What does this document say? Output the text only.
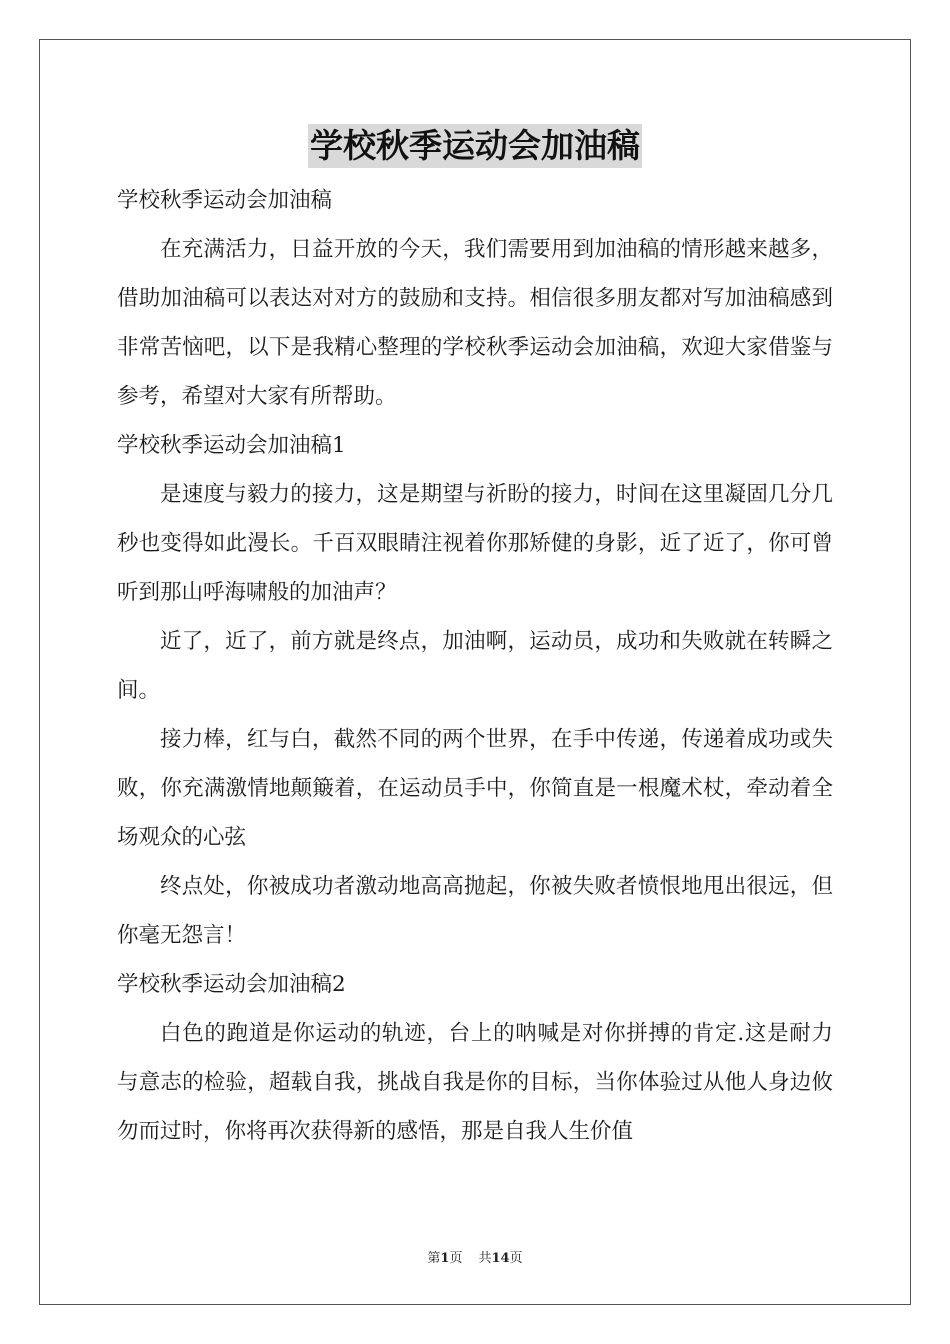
学校秋季运动会加油稿

学校秋季运动会加油稿

在充满活力，日益开放的今天，我们需要用到加油稿的情形越来越多，借助加油稿可以表达对对方的鼓励和支持。相信很多朋友都对写加油稿感到非常苦恼吧，以下是我精心整理的学校秋季运动会加油稿，欢迎大家借鉴与参考，希望对大家有所帮助。

学校秋季运动会加油稿1

是速度与毅力的接力，这是期望与祈盼的接力，时间在这里凝固几分几秒也变得如此漫长。千百双眼睛注视着你那矫健的身影，近了近了，你可曾听到那山呼海啸般的加油声？

近了，近了，前方就是终点，加油啊，运动员，成功和失败就在转瞬之间。

接力棒，红与白，截然不同的两个世界，在手中传递，传递着成功或失败，你充满激情地颠簸着，在运动员手中，你简直是一根魔术杖，牵动着全场观众的心弦

终点处，你被成功者激动地高高抛起，你被失败者愤恨地甩出很远，但你毫无怨言！

学校秋季运动会加油稿2

白色的跑道是你运动的轨迹，台上的呐喊是对你拼搏的肯定.这是耐力与意志的检验，超载自我，挑战自我是你的目标，当你体验过从他人身边攸勿而过时，你将再次获得新的感悟，那是自我人生价值

第1页 共14页
